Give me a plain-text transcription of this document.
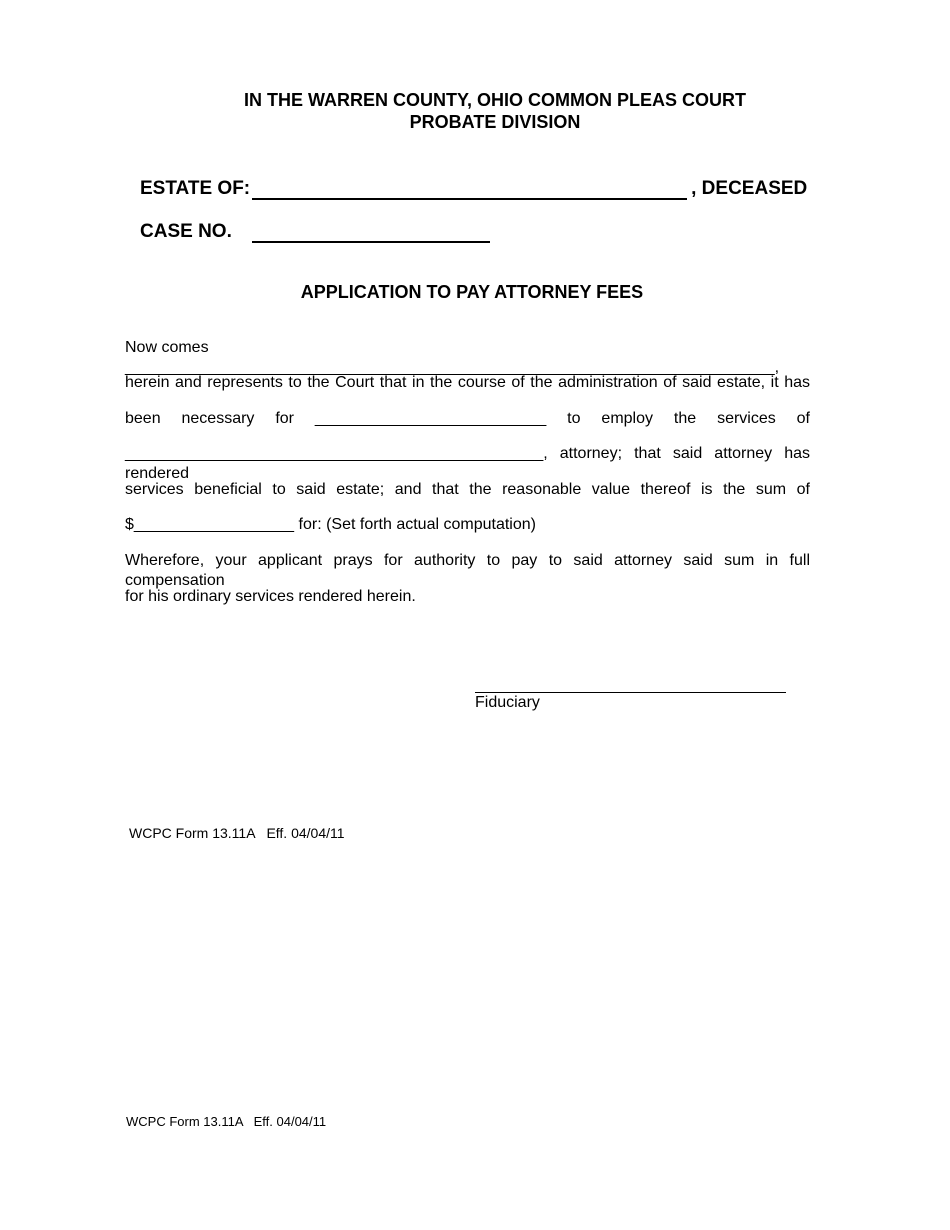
IN THE WARREN COUNTY, OHIO COMMON PLEAS COURT
PROBATE DIVISION
ESTATE OF:	, DECEASED
CASE NO.
APPLICATION TO PAY ATTORNEY FEES
Now comes _________________________________________________________________________,
herein and represents to the Court that in the course of the administration of said estate, it has
been necessary for __________________________ to employ the services of
_______________________________________________, attorney; that said attorney has rendered
services beneficial to said estate; and that the reasonable value thereof is the sum of
$__________________ for: (Set forth actual computation)
Wherefore, your applicant prays for authority to pay to said attorney said sum in full compensation
for his ordinary services rendered herein.
Fiduciary
WCPC Form 13.11A   Eff. 04/04/11
WCPC Form 13.11A   Eff. 04/04/11
